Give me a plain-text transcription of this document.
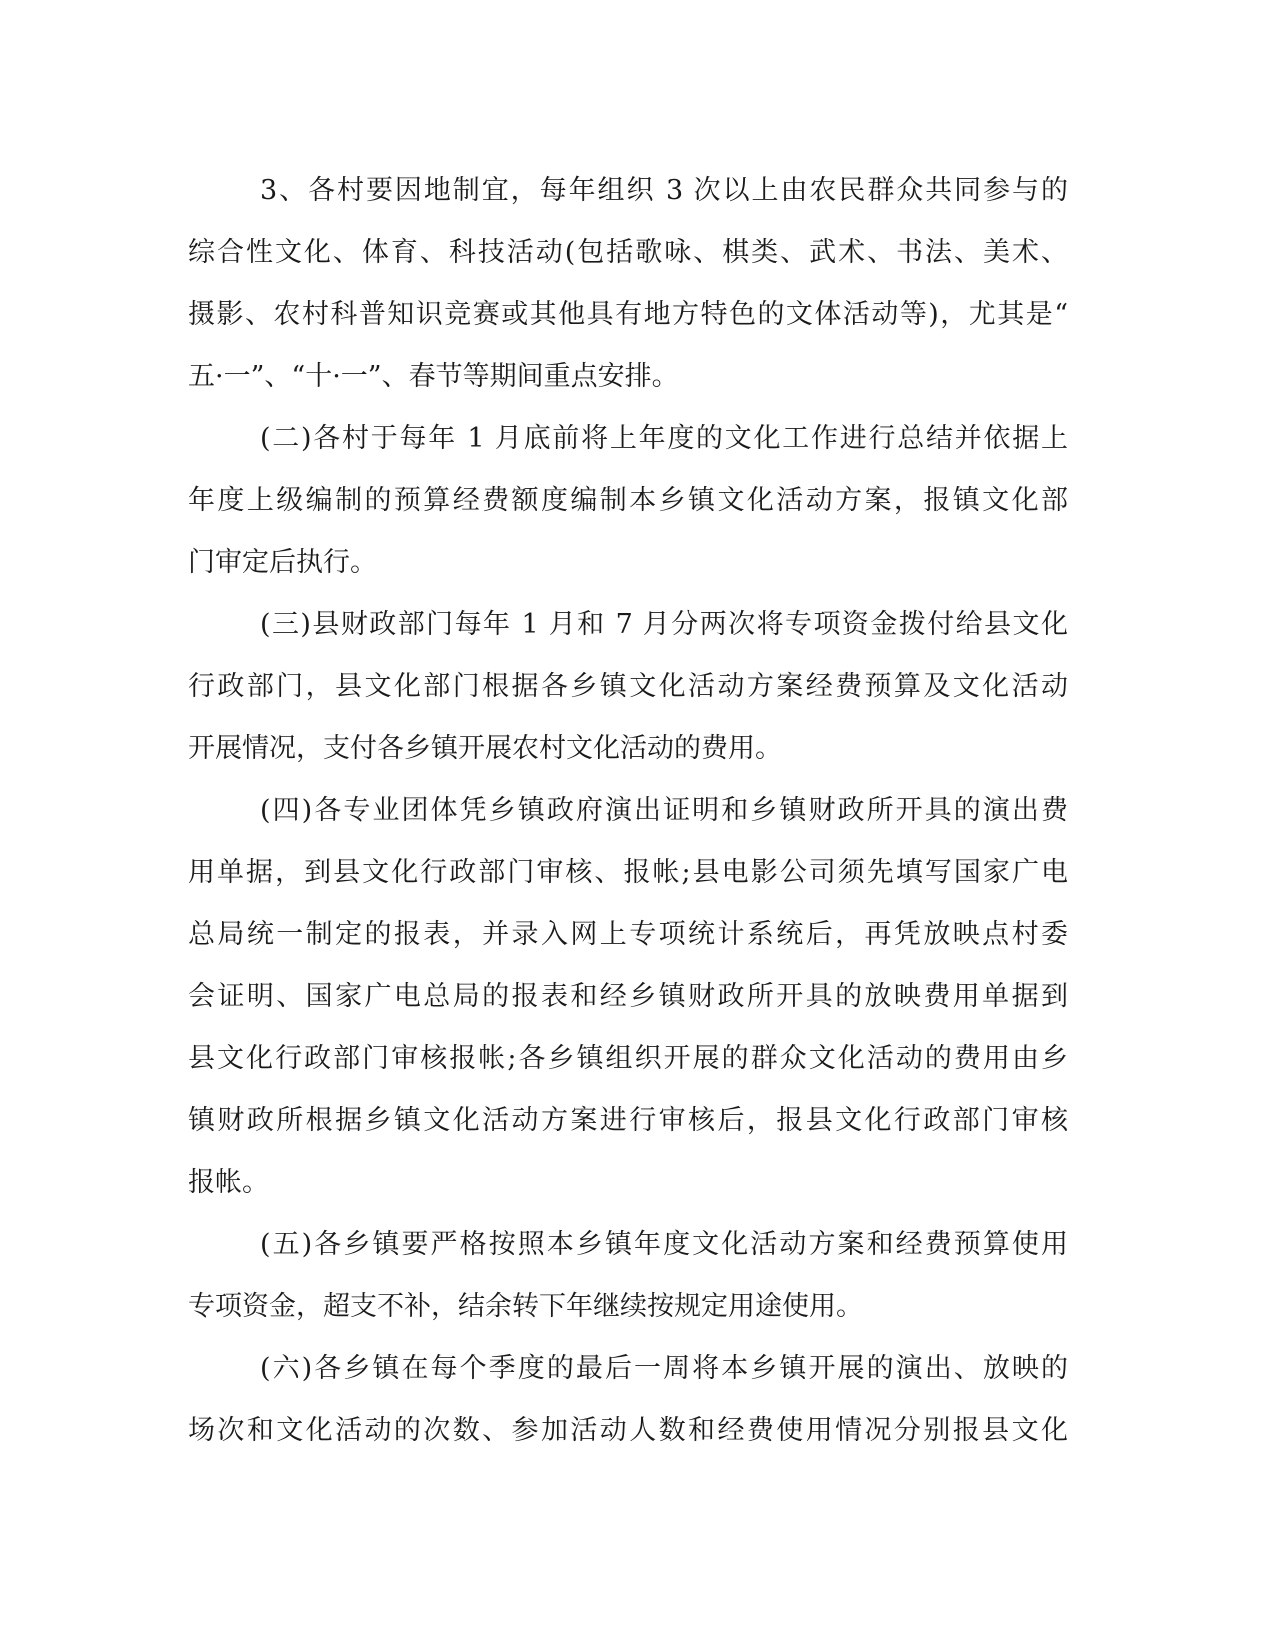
3、各村要因地制宜，每年组织 3 次以上由农民群众共同参与的
综合性文化、体育、科技活动(包括歌咏、棋类、武术、书法、美术、
摄影、农村科普知识竞赛或其他具有地方特色的文体活动等)，尤其是“
五·一”、“十·一”、春节等期间重点安排。
(二)各村于每年 1 月底前将上年度的文化工作进行总结并依据上
年度上级编制的预算经费额度编制本乡镇文化活动方案，报镇文化部
门审定后执行。
(三)县财政部门每年 1 月和 7 月分两次将专项资金拨付给县文化
行政部门，县文化部门根据各乡镇文化活动方案经费预算及文化活动
开展情况，支付各乡镇开展农村文化活动的费用。
(四)各专业团体凭乡镇政府演出证明和乡镇财政所开具的演出费
用单据，到县文化行政部门审核、报帐;县电影公司须先填写国家广电
总局统一制定的报表，并录入网上专项统计系统后，再凭放映点村委
会证明、国家广电总局的报表和经乡镇财政所开具的放映费用单据到
县文化行政部门审核报帐;各乡镇组织开展的群众文化活动的费用由乡
镇财政所根据乡镇文化活动方案进行审核后，报县文化行政部门审核
报帐。
(五)各乡镇要严格按照本乡镇年度文化活动方案和经费预算使用
专项资金，超支不补，结余转下年继续按规定用途使用。
(六)各乡镇在每个季度的最后一周将本乡镇开展的演出、放映的
场次和文化活动的次数、参加活动人数和经费使用情况分别报县文化
